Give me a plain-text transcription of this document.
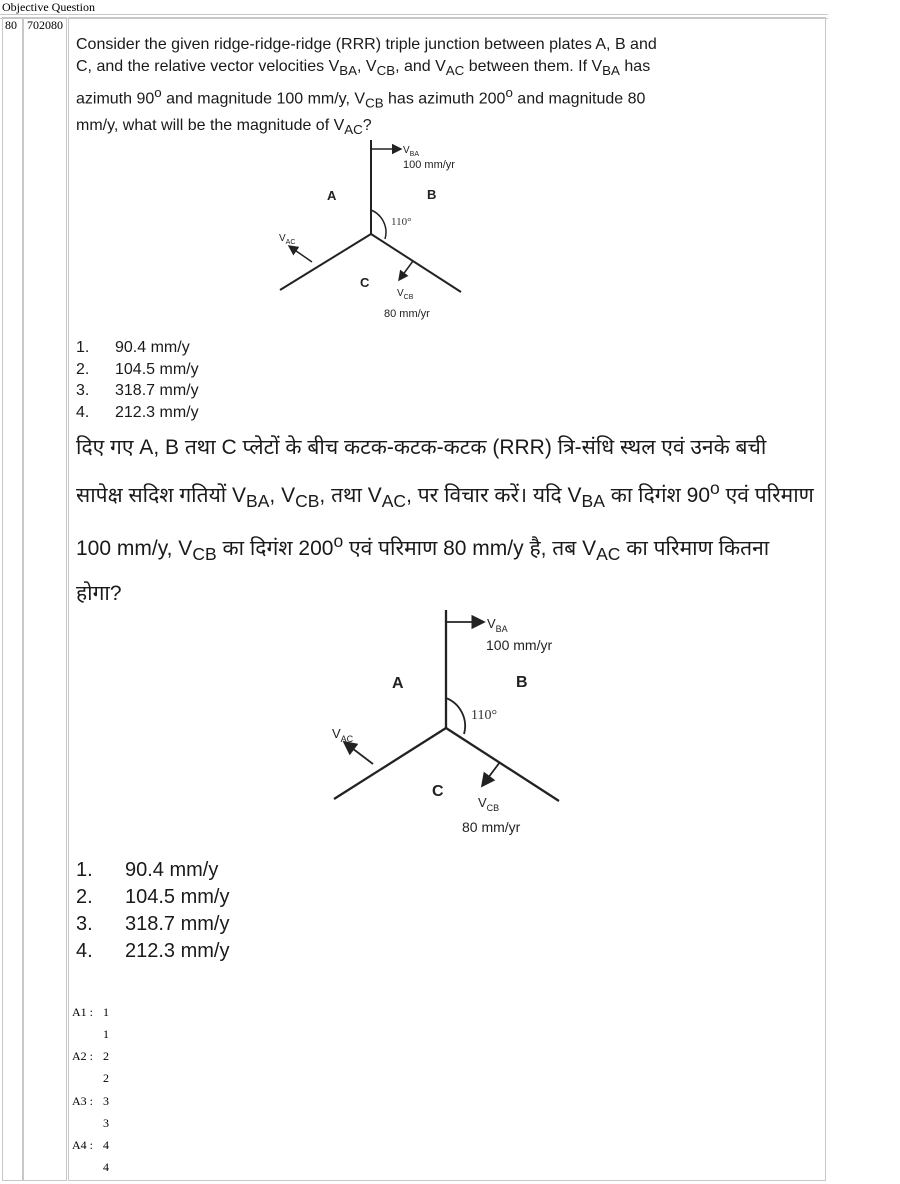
Objective Question
80 702080
Consider the given ridge-ridge-ridge (RRR) triple junction between plates A, B and C, and the relative vector velocities $V_{BA}$, $V_{CB}$, and $V_{AC}$ between them. If $V_{BA}$ has azimuth 90$^o$ and magnitude 100 mm/y, $V_{CB}$ has azimuth 200$^o$ and magnitude 80 mm/y, what will be the magnitude of $V_{AC}$?
A	B
C
110°
$V_{BA}$
100 mm/yr
$V_{AC}$
$V_{CB}$
80 mm/yr
1. 90.4 mm/y
2. 104.5 mm/y
3. 318.7 mm/y
4. 212.3 mm/y
दिए गए A, B तथा C प्लेटों के बीच कटक-कटक-कटक (RRR) त्रि-संधि स्थल एवं उनके बची सापेक्ष सदिश गतियों $V_{BA}$, $V_{CB}$, तथा $V_{AC}$, पर विचार करें। यदि $V_{BA}$ का दिगंश 90$^o$ एवं परिमाण 100 mm/y, $V_{CB}$ का दिगंश 200$^o$ एवं परिमाण 80 mm/y है, तब $V_{AC}$ का परिमाण कितना होगा?
A	B
C
110°
$V_{BA}$
100 mm/yr
$V_{AC}$
$V_{CB}$
80 mm/yr
1. 90.4 mm/y
2. 104.5 mm/y
3. 318.7 mm/y
4. 212.3 mm/y
A1 : 1
1
A2 : 2
2
A3 : 3
3
A4 : 4
4
